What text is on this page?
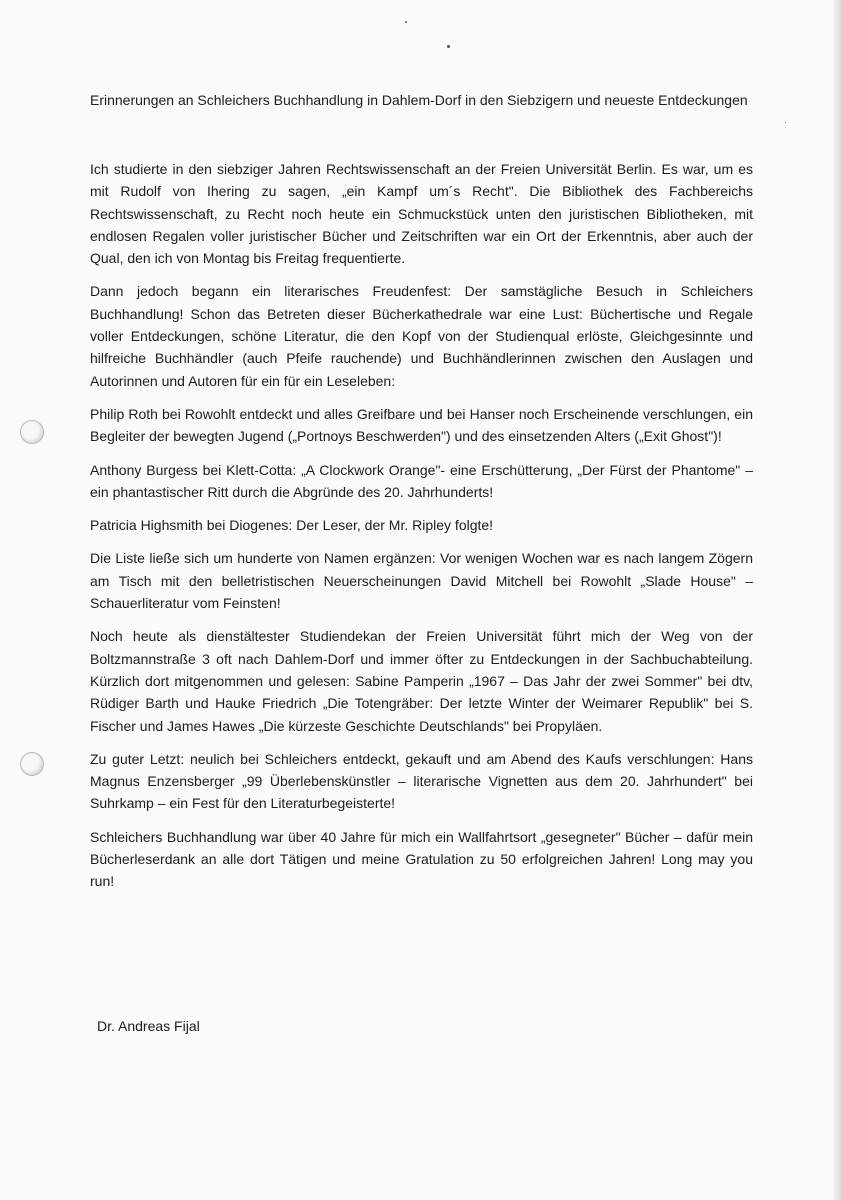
Erinnerungen an Schleichers Buchhandlung in Dahlem-Dorf in den Siebzigern und neueste Entdeckungen

Ich studierte in den siebziger Jahren Rechtswissenschaft an der Freien Universität Berlin. Es war, um es mit Rudolf von Ihering zu sagen, „ein Kampf um´s Recht". Die Bibliothek des Fachbereichs Rechtswissenschaft, zu Recht noch heute ein Schmuckstück unten den juristischen Bibliotheken, mit endlosen Regalen voller juristischer Bücher und Zeitschriften war ein Ort der Erkenntnis, aber auch der Qual, den ich von Montag bis Freitag frequentierte.

Dann jedoch begann ein literarisches Freudenfest: Der samstägliche Besuch in Schleichers Buchhandlung! Schon das Betreten dieser Bücherkathedrale war eine Lust: Büchertische und Regale voller Entdeckungen, schöne Literatur, die den Kopf von der Studienqual erlöste, Gleichgesinnte und hilfreiche Buchhändler (auch Pfeife rauchende) und Buchhändlerinnen zwischen den Auslagen und Autorinnen und Autoren für ein für ein Leseleben:

Philip Roth bei Rowohlt entdeckt und alles Greifbare und bei Hanser noch Erscheinende verschlungen, ein Begleiter der bewegten Jugend („Portnoys Beschwerden") und des einsetzenden Alters („Exit Ghost")!

Anthony Burgess bei Klett-Cotta: „A Clockwork Orange"- eine Erschütterung, „Der Fürst der Phantome" – ein phantastischer Ritt durch die Abgründe des 20. Jahrhunderts!

Patricia Highsmith bei Diogenes: Der Leser, der Mr. Ripley folgte!

Die Liste ließe sich um hunderte von Namen ergänzen: Vor wenigen Wochen war es nach langem Zögern am Tisch mit den belletristischen Neuerscheinungen David Mitchell bei Rowohlt „Slade House" – Schauerliteratur vom Feinsten!

Noch heute als dienstältester Studiendekan der Freien Universität führt mich der Weg von der Boltzmannstraße 3 oft nach Dahlem-Dorf und immer öfter zu Entdeckungen in der Sachbuchabteilung. Kürzlich dort mitgenommen und gelesen: Sabine Pamperin „1967 – Das Jahr der zwei Sommer" bei dtv, Rüdiger Barth und Hauke Friedrich „Die Totengräber: Der letzte Winter der Weimarer Republik" bei S. Fischer und James Hawes „Die kürzeste Geschichte Deutschlands" bei Propyläen.

Zu guter Letzt: neulich bei Schleichers entdeckt, gekauft und am Abend des Kaufs verschlungen: Hans Magnus Enzensberger „99 Überlebenskünstler – literarische Vignetten aus dem 20. Jahrhundert" bei Suhrkamp – ein Fest für den Literaturbegeisterte!

Schleichers Buchhandlung war über 40 Jahre für mich ein Wallfahrtsort „gesegneter" Bücher – dafür mein Bücherleserdank an alle dort Tätigen und meine Gratulation zu 50 erfolgreichen Jahren! Long may you run!

Dr. Andreas Fijal
